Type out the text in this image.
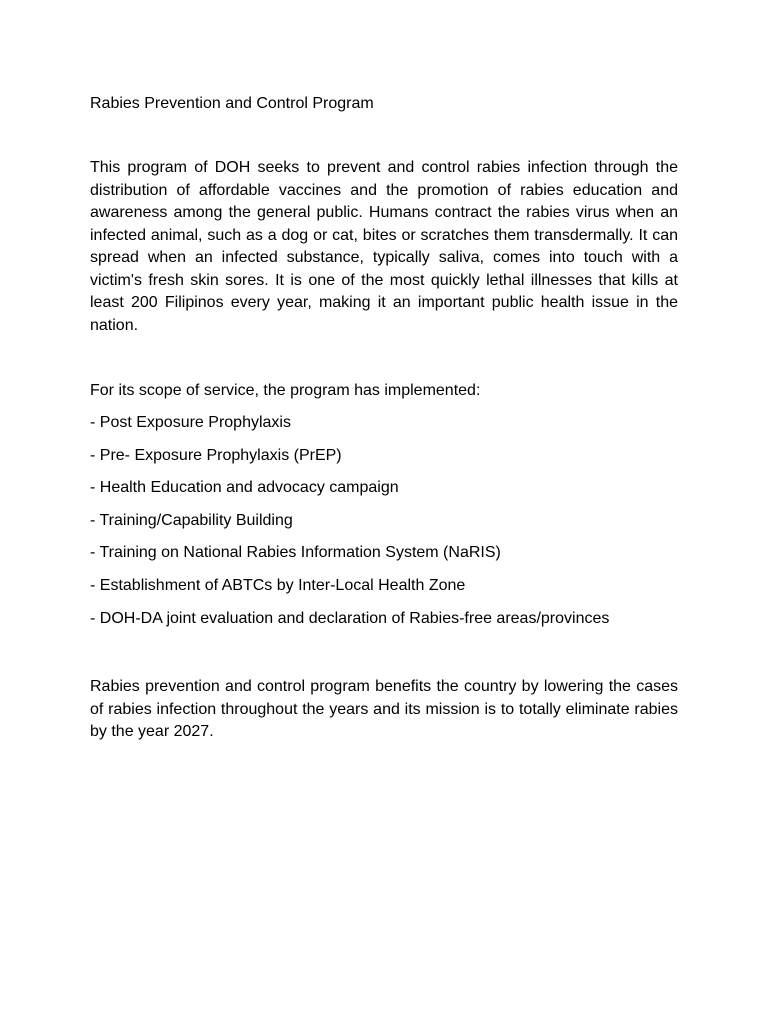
Rabies Prevention and Control Program

This program of DOH seeks to prevent and control rabies infection through the distribution of affordable vaccines and the promotion of rabies education and awareness among the general public. Humans contract the rabies virus when an infected animal, such as a dog or cat, bites or scratches them transdermally. It can spread when an infected substance, typically saliva, comes into touch with a victim's fresh skin sores. It is one of the most quickly lethal illnesses that kills at least 200 Filipinos every year, making it an important public health issue in the nation.

For its scope of service, the program has implemented:

- Post Exposure Prophylaxis
- Pre- Exposure Prophylaxis (PrEP)
- Health Education and advocacy campaign
- Training/Capability Building
- Training on National Rabies Information System (NaRIS)
- Establishment of ABTCs by Inter-Local Health Zone
- DOH-DA joint evaluation and declaration of Rabies-free areas/provinces

Rabies prevention and control program benefits the country by lowering the cases of rabies infection throughout the years and its mission is to totally eliminate rabies by the year 2027.
